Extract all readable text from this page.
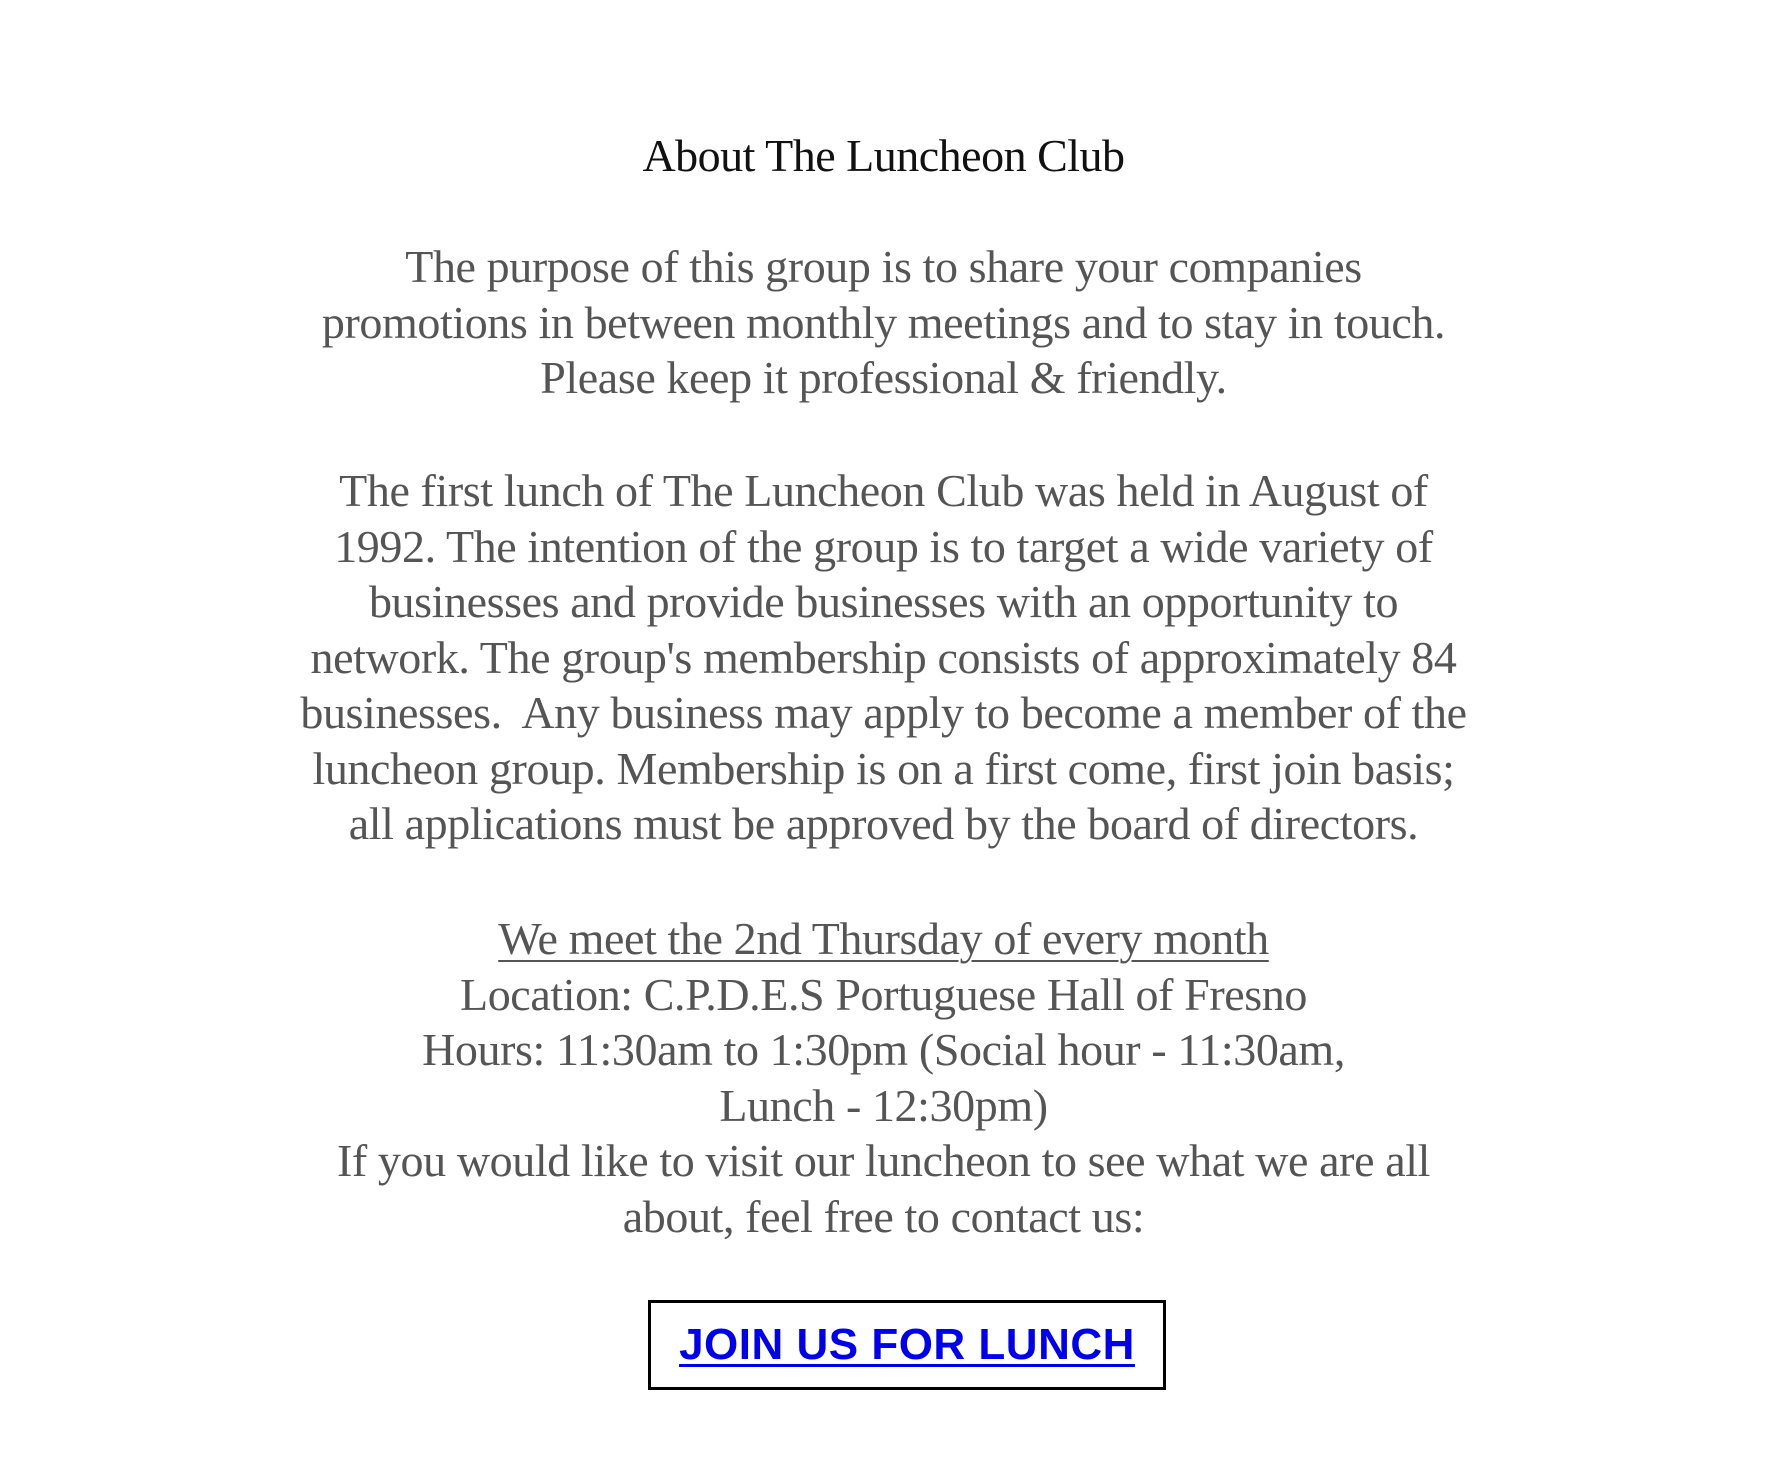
About The Luncheon Club
The purpose of this group is to share your companies
promotions in between monthly meetings and to stay in touch.
Please keep it professional & friendly.
The first lunch of The Luncheon Club was held in August of
1992. The intention of the group is to target a wide variety of
businesses and provide businesses with an opportunity to
network. The group's membership consists of approximately 84
businesses.  Any business may apply to become a member of the
luncheon group. Membership is on a first come, first join basis;
all applications must be approved by the board of directors.
We meet the 2nd Thursday of every month
Location: C.P.D.E.S Portuguese Hall of Fresno
Hours: 11:30am to 1:30pm (Social hour - 11:30am,
Lunch - 12:30pm)
If you would like to visit our luncheon to see what we are all
about, feel free to contact us:
JOIN US FOR LUNCH
